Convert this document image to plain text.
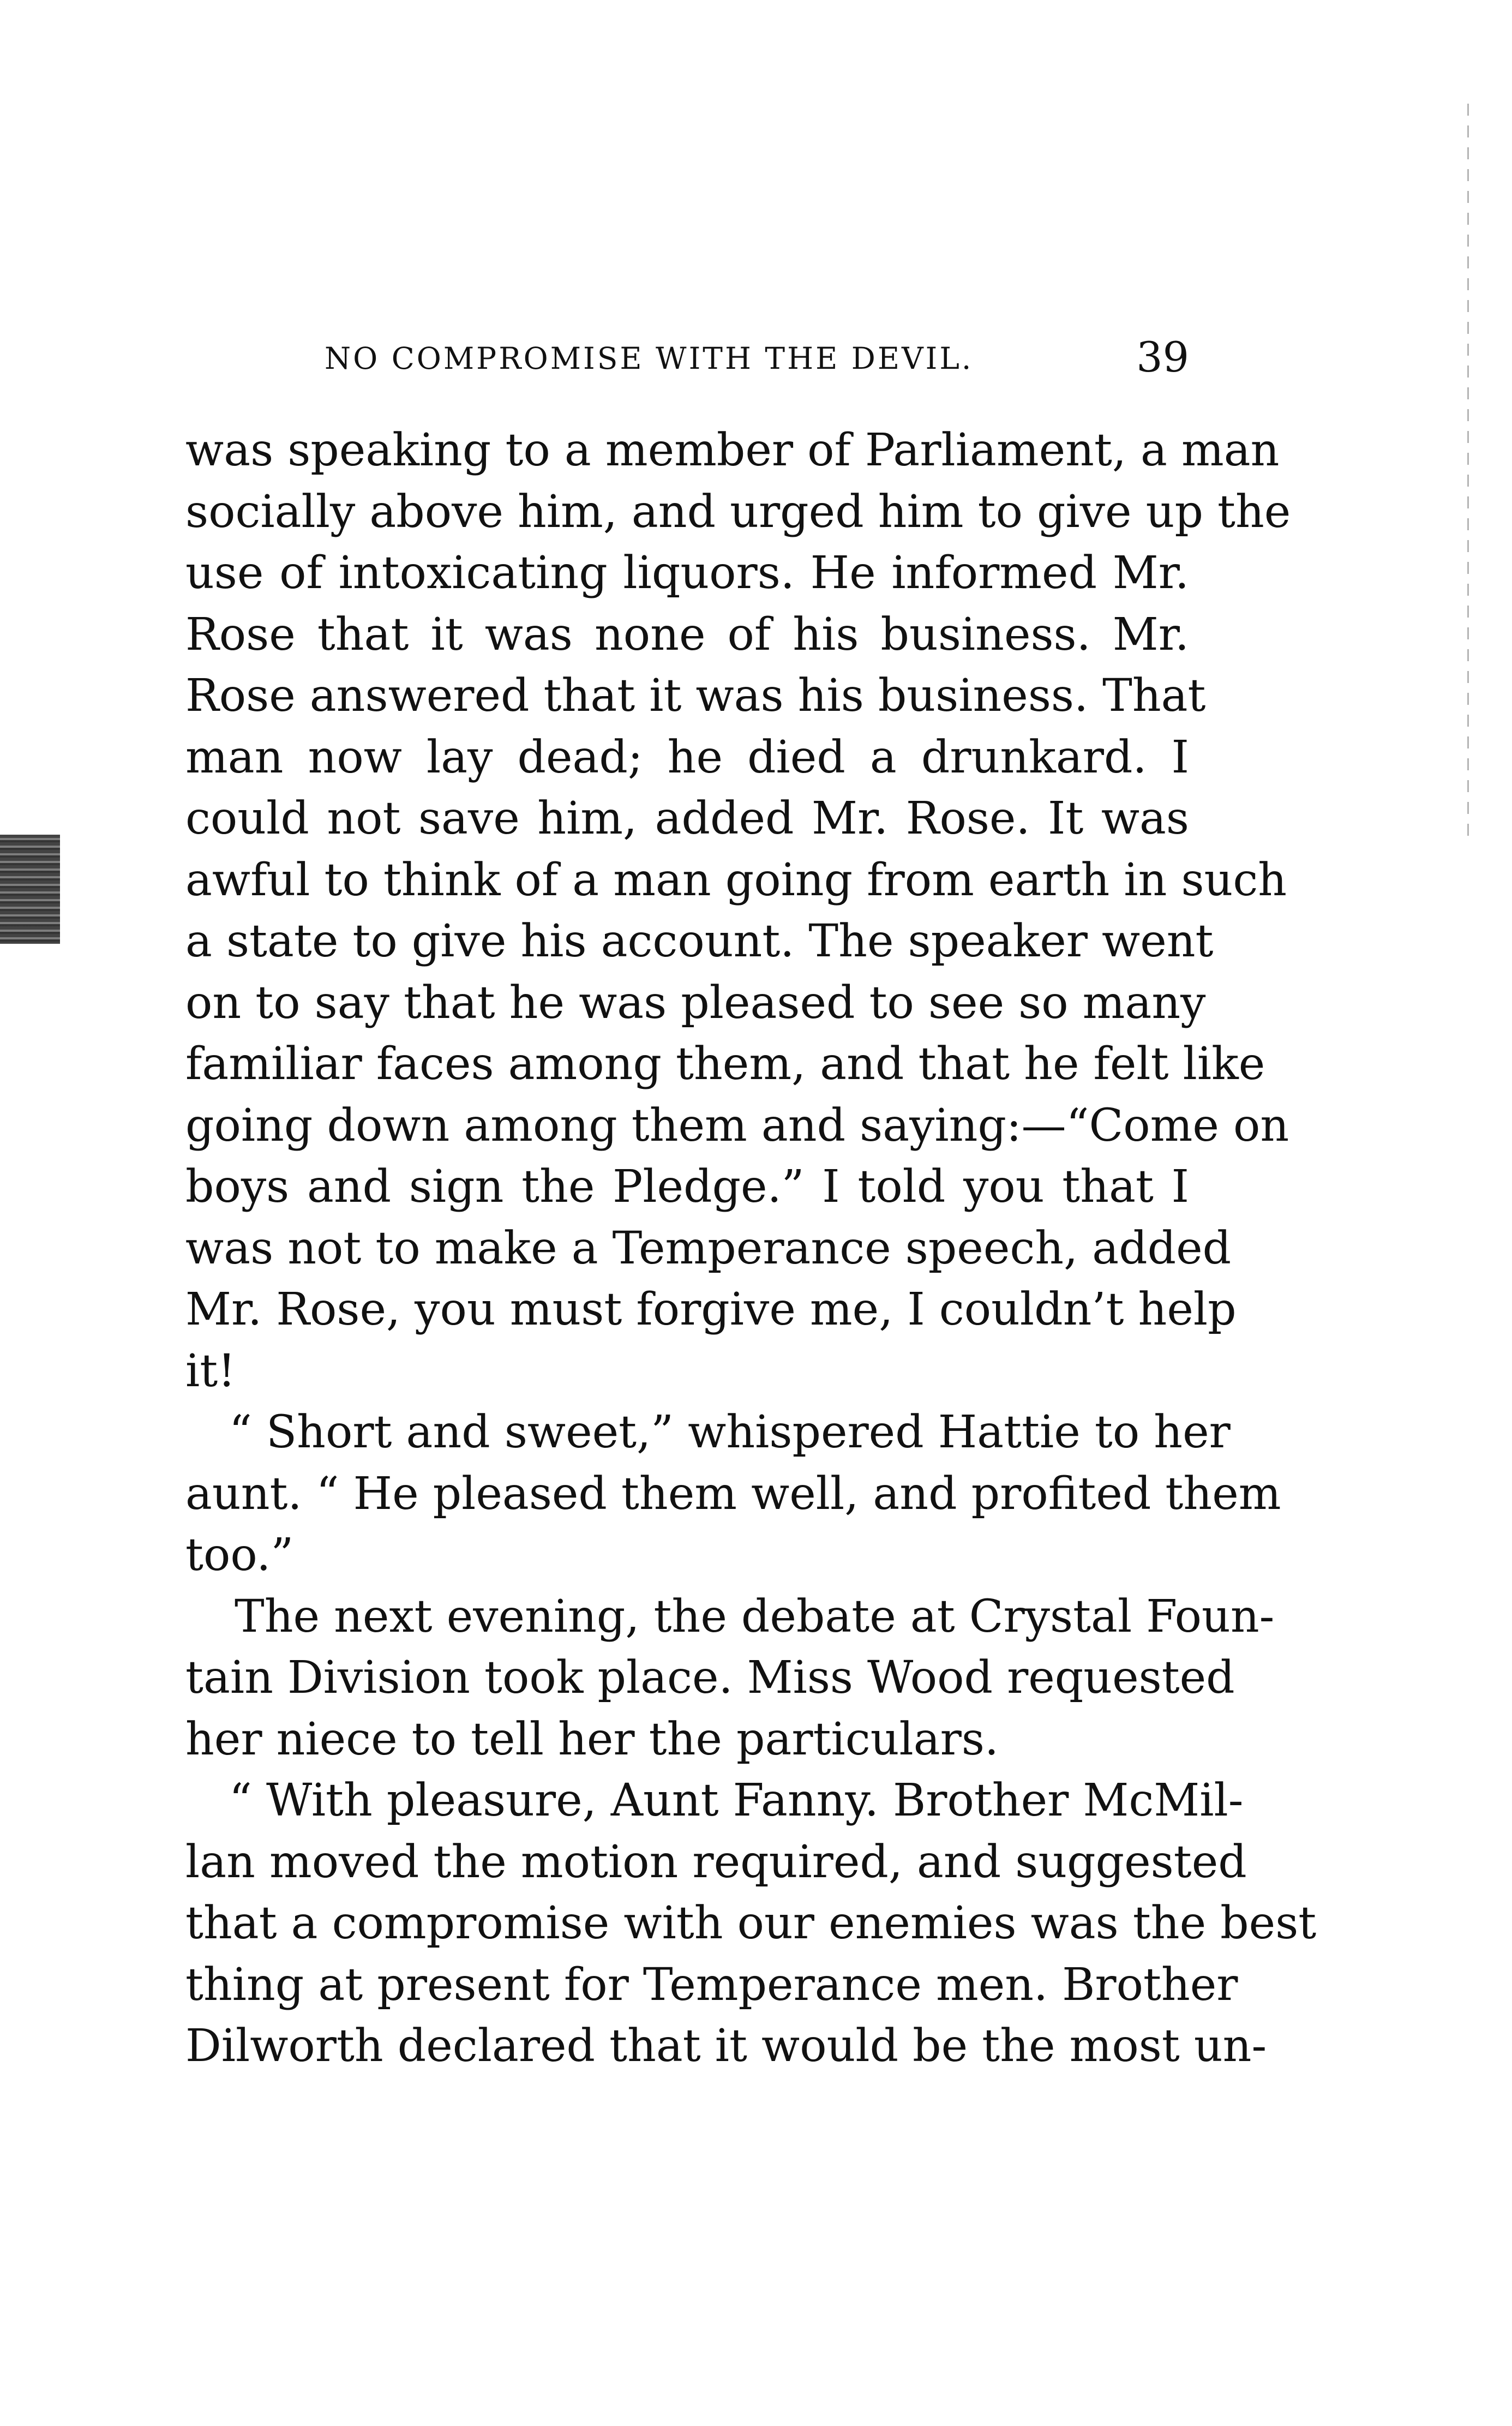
NO COMPROMISE WITH THE DEVIL.	39
was speaking to a member of Parliament, a man
socially above him, and urged him to give up the
use of intoxicating liquors. He informed Mr.
Rose that it was none of his business. Mr.
Rose answered that it was his business. That
man now lay dead; he died a drunkard. I
could not save him, added Mr. Rose. It was
awful to think of a man going from earth in such
a state to give his account. The speaker went
on to say that he was pleased to see so many
familiar faces among them, and that he felt like
going down among them and saying:—“Come on
boys and sign the Pledge.” I told you that I
was not to make a Temperance speech, added
Mr. Rose, you must forgive me, I couldn’t help
it!
“ Short and sweet,” whispered Hattie to her
aunt. “ He pleased them well, and profited them
too.”
The next evening, the debate at Crystal Foun-
tain Division took place. Miss Wood requested
her niece to tell her the particulars.
“ With pleasure, Aunt Fanny. Brother McMil-
lan moved the motion required, and suggested
that a compromise with our enemies was the best
thing at present for Temperance men. Brother
Dilworth declared that it would be the most un-
